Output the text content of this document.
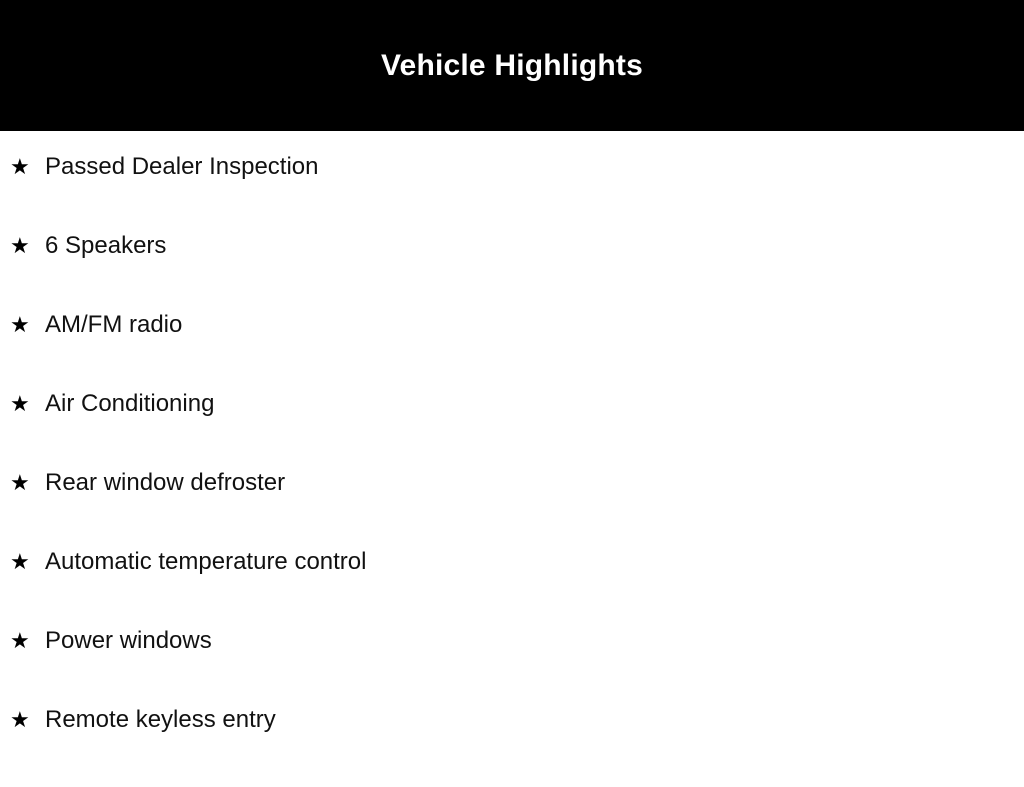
Vehicle Highlights
★ Passed Dealer Inspection
★ 6 Speakers
★ AM/FM radio
★ Air Conditioning
★ Rear window defroster
★ Automatic temperature control
★ Power windows
★ Remote keyless entry
